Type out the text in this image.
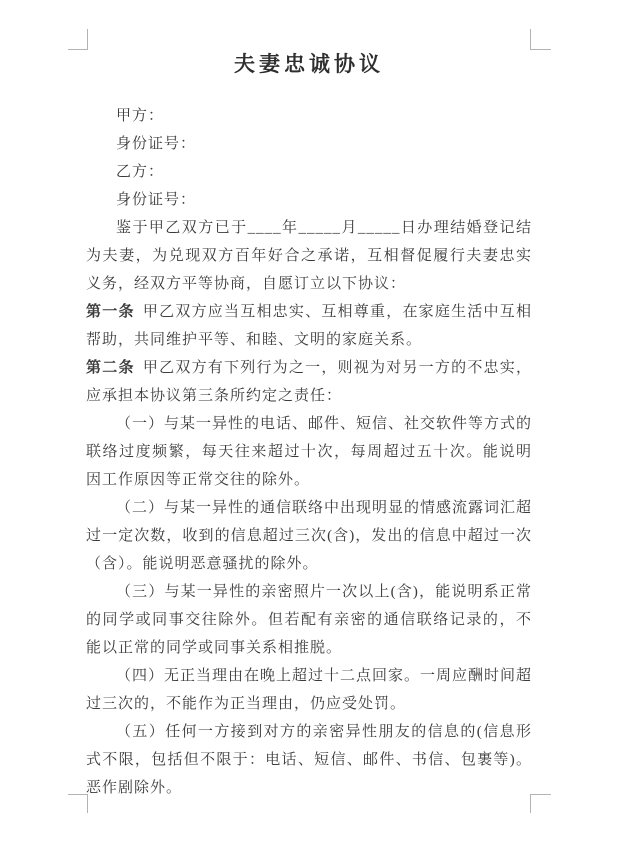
夫妻忠诚协议
甲方：
身份证号：
乙方：
身份证号：

鉴于甲乙双方已于____年_____月_____日办理结婚登记结为夫妻，为兑现双方百年好合之承诺，互相督促履行夫妻忠实义务，经双方平等协商，自愿订立以下协议：

第一条 甲乙双方应当互相忠实、互相尊重，在家庭生活中互相帮助，共同维护平等、和睦、文明的家庭关系。

第二条 甲乙双方有下列行为之一，则视为对另一方的不忠实，应承担本协议第三条所约定之责任：

（一）与某一异性的电话、邮件、短信、社交软件等方式的联络过度频繁，每天往来超过十次，每周超过五十次。能说明因工作原因等正常交往的除外。

（二）与某一异性的通信联络中出现明显的情感流露词汇超过一定次数，收到的信息超过三次(含)，发出的信息中超过一次（含）。能说明恶意骚扰的除外。

（三）与某一异性的亲密照片一次以上(含)，能说明系正常的同学或同事交往除外。但若配有亲密的通信联络记录的，不能以正常的同学或同事关系相推脱。

（四）无正当理由在晚上超过十二点回家。一周应酬时间超过三次的，不能作为正当理由，仍应受处罚。

（五）任何一方接到对方的亲密异性朋友的信息的(信息形式不限，包括但不限于：电话、短信、邮件、书信、包裹等)。恶作剧除外。
